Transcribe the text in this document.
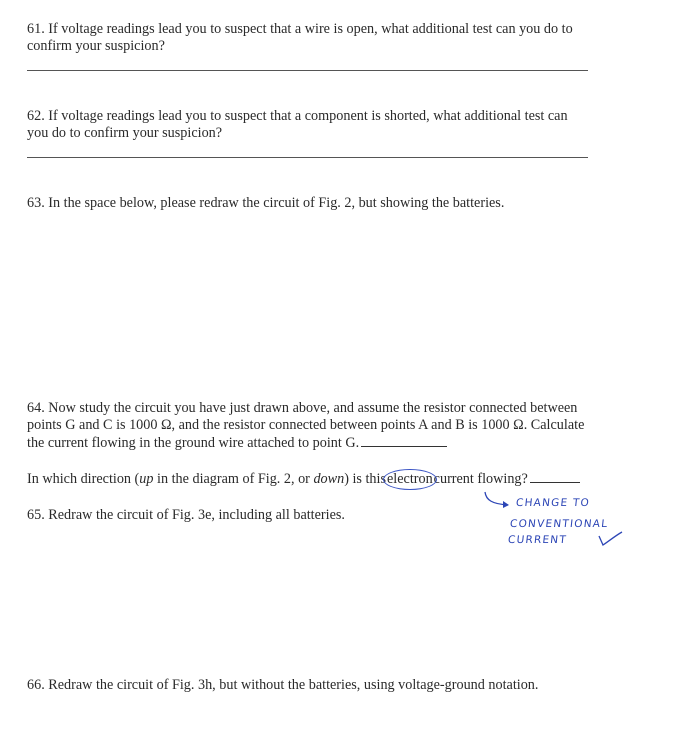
61. If voltage readings lead you to suspect that a wire is open, what additional test can you do to
confirm your suspicion?
62. If voltage readings lead you to suspect that a component is shorted, what additional test can
you do to confirm your suspicion?
63. In the space below, please redraw the circuit of Fig. 2, but showing the batteries.
64. Now study the circuit you have just drawn above, and assume the resistor connected between
points G and C is 1000 Ω, and the resistor connected between points A and B is 1000 Ω. Calculate
the current flowing in the ground wire attached to point G.
In which direction (up in the diagram of Fig. 2, or down) is this
electroncurrent flowing?
CHANGE TO
CONVENTIONAL
CURRENT
65. Redraw the circuit of Fig. 3e, including all batteries.
66. Redraw the circuit of Fig. 3h, but without the batteries, using voltage-ground notation.
